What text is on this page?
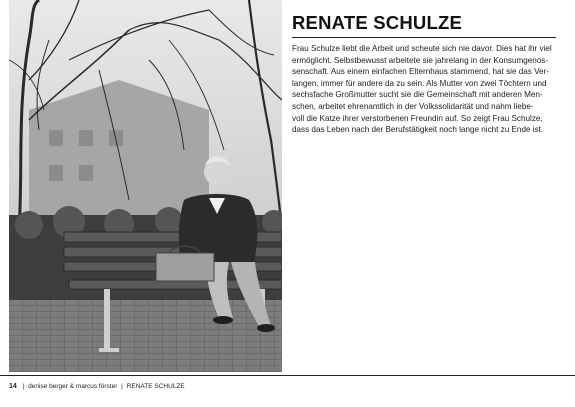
RENATE SCHULZE
Frau Schulze liebt die Arbeit und scheute sich nie davor. Dies hat ihr viel
ermöglicht. Selbstbewusst arbeitete sie jahrelang in der Konsumgenos-
senschaft. Aus einem einfachen Elternhaus stammend, hat sie das Ver-
langen, immer für andere da zu sein. Als Mutter von zwei Töchtern und
sechsfache Großmutter sucht sie die Gemeinschaft mit anderen Men-
schen, arbeitet ehrenamtlich in der Volkssolidarität und nahm liebe-
voll die Katze ihrer verstorbenen Freundin auf. So zeigt Frau Schulze,
dass das Leben nach der Berufstätigkeit noch lange nicht zu Ende ist.
14 | denise berger & marcus förster | RENATE SCHULZE
